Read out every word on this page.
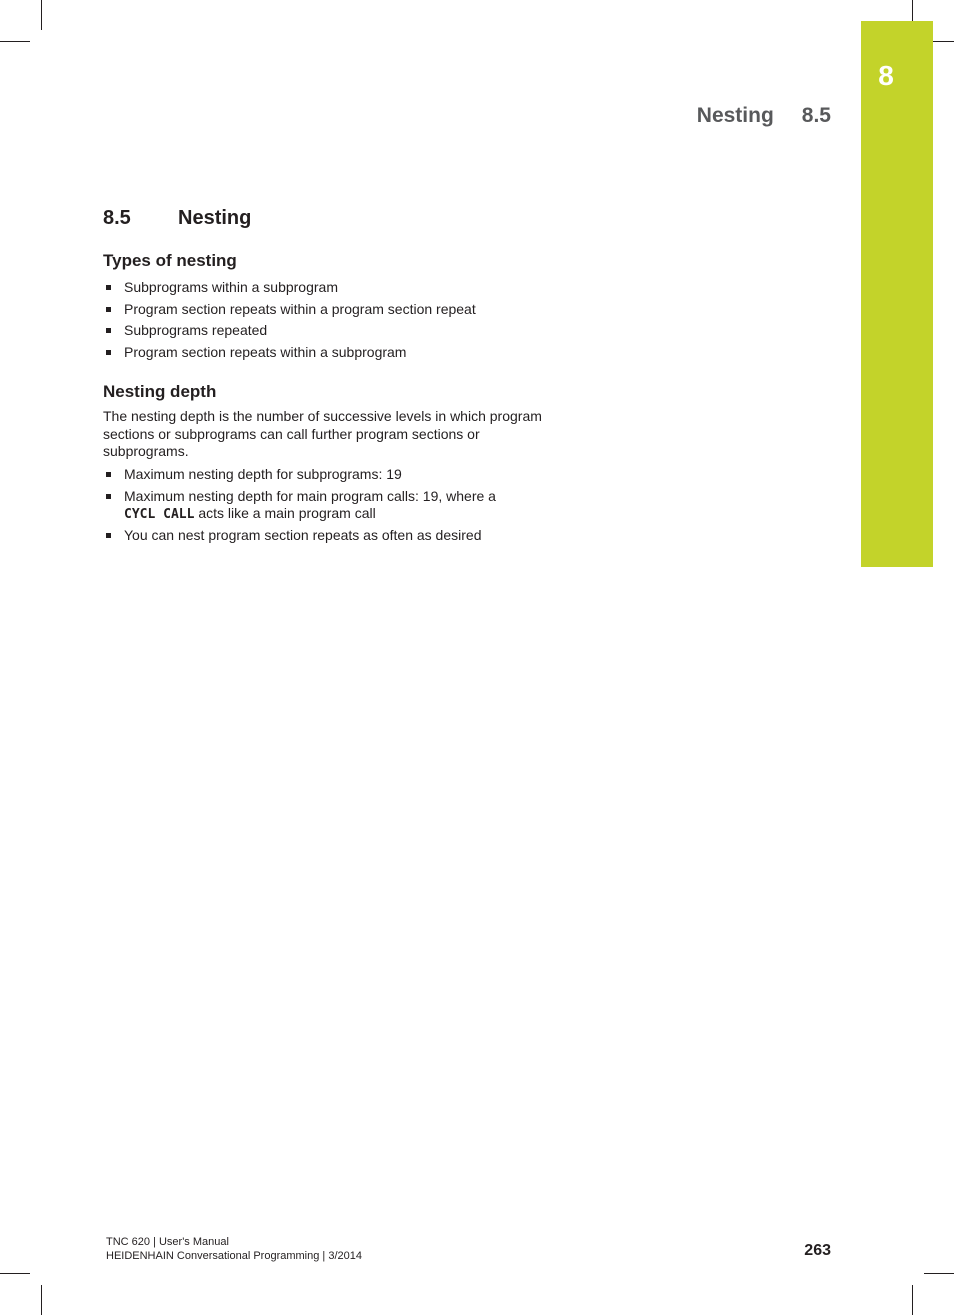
8
Nesting 8.5
8.5 Nesting
Types of nesting
Subprograms within a subprogram
Program section repeats within a program section repeat
Subprograms repeated
Program section repeats within a subprogram
Nesting depth

The nesting depth is the number of successive levels in which program sections or subprograms can call further program sections or subprograms.

Maximum nesting depth for subprograms: 19
Maximum nesting depth for main program calls: 19, where a
CYCL CALL acts like a main program call
You can nest program section repeats as often as desired
TNC 620 | User's Manual
HEIDENHAIN Conversational Programming | 3/2014	263
